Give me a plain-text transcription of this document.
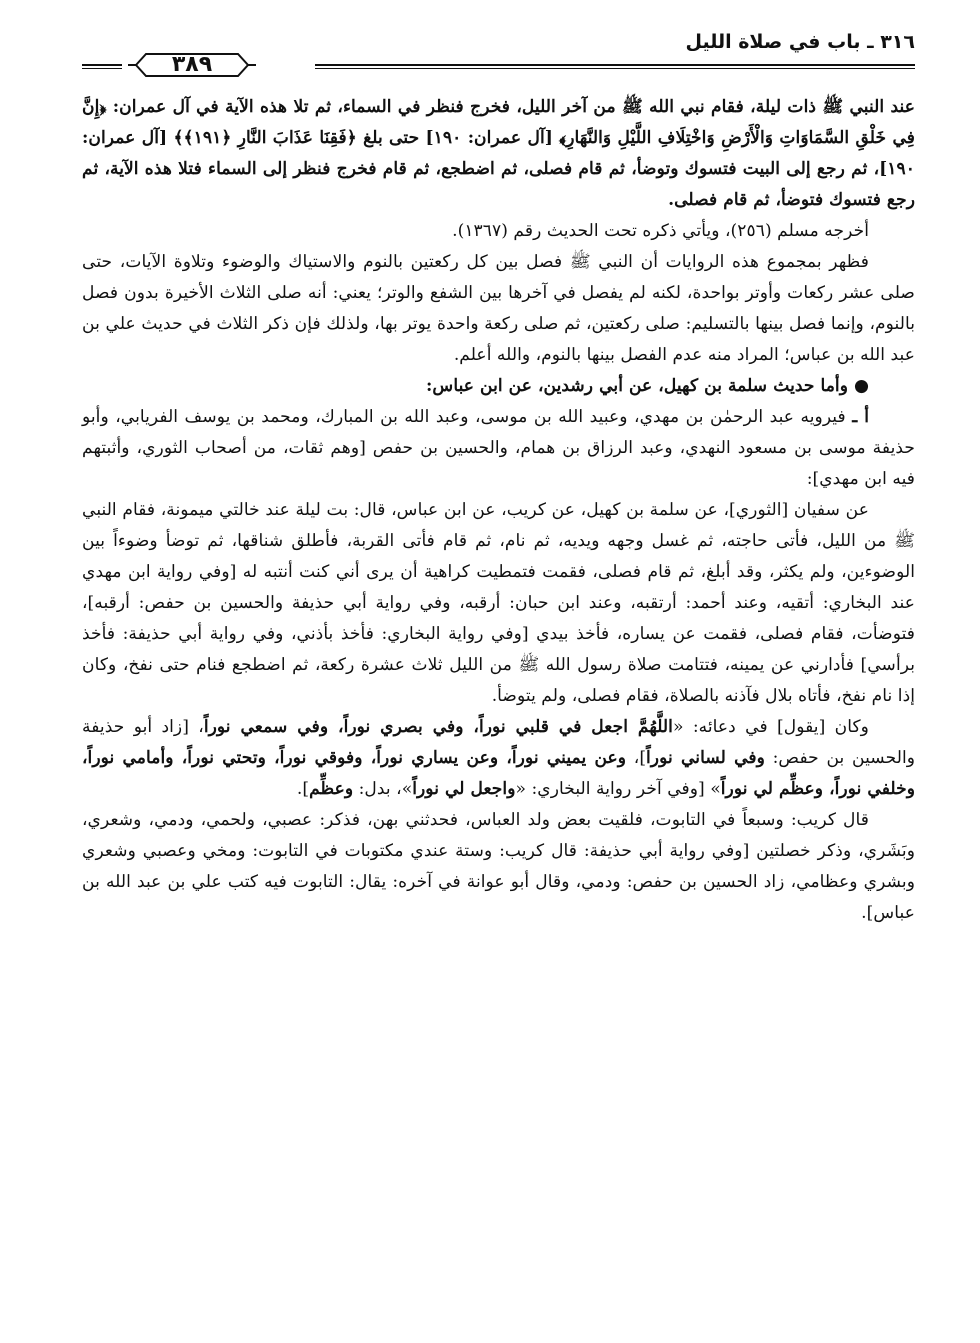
٣١٦ ـ باب في صلاة الليل
٣٨٩

عند النبي ﷺ ذات ليلة، فقام نبي الله ﷺ من آخر الليل، فخرج فنظر في السماء، ثم تلا هذه الآية في آل عمران: ﴿إِنَّ فِي خَلْقِ السَّمَاوَاتِ وَالْأَرْضِ وَاخْتِلَافِ اللَّيْلِ وَالنَّهَارِ﴾ [آل عمران: ١٩٠] حتى بلغ ﴿فَقِنَا عَذَابَ النَّارِ ﴿١٩١﴾﴾ [آل عمران: ١٩٠]، ثم رجع إلى البيت فتسوك وتوضأ، ثم قام فصلى، ثم اضطجع، ثم قام فخرج فنظر إلى السماء فتلا هذه الآية، ثم رجع فتسوك فتوضأ، ثم قام فصلى.

أخرجه مسلم (٢٥٦)، ويأتي ذكره تحت الحديث رقم (١٣٦٧).

فظهر بمجموع هذه الروايات أن النبي ﷺ فصل بين كل ركعتين بالنوم والاستياك والوضوء وتلاوة الآيات، حتى صلى عشر ركعات وأوتر بواحدة، لكنه لم يفصل في آخرها بين الشفع والوتر؛ يعني: أنه صلى الثلاث الأخيرة بدون فصل بالنوم، وإنما فصل بينها بالتسليم: صلى ركعتين، ثم صلى ركعة واحدة يوتر بها، ولذلك فإن ذكر الثلاث في حديث علي بن عبد الله بن عباس؛ المراد منه عدم الفصل بينها بالنوم، والله أعلم.

● وأما حديث سلمة بن كهيل، عن أبي رشدين، عن ابن عباس:

أ ـ فيرويه عبد الرحمٰن بن مهدي، وعبيد الله بن موسى، وعبد الله بن المبارك، ومحمد بن يوسف الفريابي، وأبو حذيفة موسى بن مسعود النهدي، وعبد الرزاق بن همام، والحسين بن حفص [وهم ثقات، من أصحاب الثوري، وأثبتهم فيه ابن مهدي]:

عن سفيان [الثوري]، عن سلمة بن كهيل، عن كريب، عن ابن عباس، قال: بت ليلة عند خالتي ميمونة، فقام النبي ﷺ من الليل، فأتى حاجته، ثم غسل وجهه ويديه، ثم نام، ثم قام فأتى القربة، فأطلق شناقها، ثم توضأ وضوءاً بين الوضوءين، ولم يكثر، وقد أبلغ، ثم قام فصلى، فقمت فتمطيت كراهية أن يرى أني كنت أنتبه له [وفي رواية ابن مهدي عند البخاري: أتقيه، وعند أحمد: أرتقبه، وعند ابن حبان: أرقبه، وفي رواية أبي حذيفة والحسين بن حفص: أرقبه]، فتوضأت، فقام فصلى، فقمت عن يساره، فأخذ بيدي [وفي رواية البخاري: فأخذ بأذني، وفي رواية أبي حذيفة: فأخذ برأسي] فأدارني عن يمينه، فتتامت صلاة رسول الله ﷺ من الليل ثلاث عشرة ركعة، ثم اضطجع فنام حتى نفخ، وكان إذا نام نفخ، فأتاه بلال فآذنه بالصلاة، فقام فصلى، ولم يتوضأ.

وكان [يقول] في دعائه: «اللَّهُمَّ اجعل في قلبي نوراً، وفي بصري نوراً، وفي سمعي نوراً، [زاد أبو حذيفة والحسين بن حفص: وفي لساني نوراً]، وعن يميني نوراً، وعن يساري نوراً، وفوقي نوراً، وتحتي نوراً، وأمامي نوراً، وخلفي نوراً، وعظِّم لي نوراً» [وفي آخر رواية البخاري: «واجعل لي نوراً»، بدل: وعظِّم].

قال كريب: وسبعاً في التابوت، فلقيت بعض ولد العباس، فحدثني بهن، فذكر: عصبي، ولحمي، ودمي، وشعري، وبَشَري، وذكر خصلتين [وفي رواية أبي حذيفة: قال كريب: وستة عندي مكتوبات في التابوت: ومخي وعصبي وشعري وبشري وعظامي، زاد الحسين بن حفص: ودمي، وقال أبو عوانة في آخره: يقال: التابوت فيه كتب علي بن عبد الله بن عباس].
